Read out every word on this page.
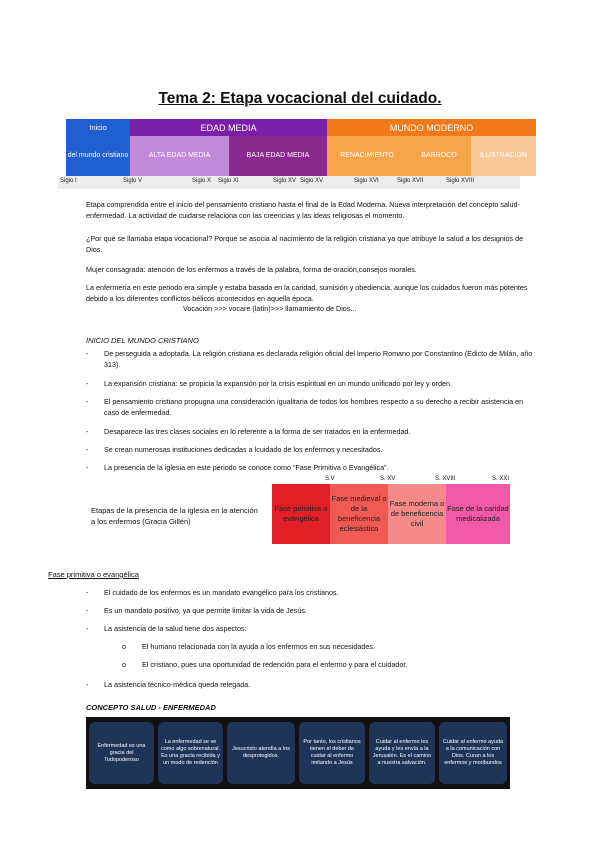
Tema 2: Etapa vocacional del cuidado.
Inicio
del mundo cristiano
EDAD MEDIA	MUNDO MODERNO
ALTA EDAD MEDIA	BAJA EDAD MEDIA	RENACIMIENTO	BARROCO	ILUSTRACIÓN
Siglo I	Siglo V	Siglo X Siglo XI	Siglo XV Siglo XV	Siglo XVI	Siglo XVII	Siglo XVIII
Etapa comprendida entre el inicio del pensamiento cristiano hasta el final de la Edad Moderna. Nueva interpretación del concepto salud-enfermedad. La actividad de cuidarse relaciona con las creencias y las ideas religiosas el momento.
¿Por qué se llamaba etapa vocacional? Porque se asocia al nacimiento de la religión cristiana ya que atribuye la salud a los designios de Dios.
Mujer consagrada: atención de los enfermos a través de la palabra, forma de oración,consejos morales.
La enfermería en este periodo era simple y estaba basada en la caridad, sumisión y obediencia, aunque los cuidados fueron más potentes debido a los diferentes conflictos bélicos acontecidos en aquella época.
Vocación >>> vocare (latín)>>> llamamiento de Dios...
INICIO DEL MUNDO CRISTIANO
-	De perseguida a adoptada. La religión cristiana es declarada religión oficial del Imperio Romano por Constantino (Edicto de Milán, año 313).
-	La expansión cristiana: se propicia la expansión por la crisis espiritual en un mundo unificado por ley y orden.
-	El pensamiento cristiano propugna una consideración igualitaria de todos los hombres respecto a su derecho a recibir asistencia en caso de enfermedad.
-	Desaparece las tres clases sociales en lo referente a la forma de ser tratados en la enfermedad.
-	Se crean numerosas instituciones dedicadas a lcuidado de los enfermos y necesitados.
-	La presencia de la iglesia en este periodo se conoce como “Fase Primitiva o Evangélica”.
Etapas de la presencia de la iglesia en la atención a los enfermos (Gracia Gillén)
S.V	S. XV	S. XVIII	S. XXI
Fase primitiva o evangélica
Fase medieval o de la beneficencia eclesiástico
Fase moderna o de beneficencia civil
Fase de la caridad medicalizada
Fase primitiva o evangélica
-	El cuidado de los enfermos es un mandato evangélico para los cristianos.
-	Es un mandato positivo, ya que permite limitar la vida de Jesús.
-	La asistencia de la salud tiene dos aspectos:
o El humano relacionada con la ayuda a los enfermos en sus necesidades.
o El cristiano, pues una oportunidad de redención para el enfermo y para el cuidador.
-	La asistencia técnico-médica queda relegada.
CONCEPTO SALUD - ENFERMEDAD
Enfermedad es una gracia del Todopoderoso
La enfermedad se ve como algo sobrenatural. Es una gracia recibida y un modo de redención
Jesucristo atendía a los desprotegidos.
Por tanto, los cristianos tienen el deber de cuidar al enfermo imitando a Jesús
Cuidar al enfermo les ayuda y les envía a la Jerusalén. Es el camino a nuestra salvación.
Cuidar al enfermo ayuda a la comunicación con Dios. Curan a los enfermos y moribundos
